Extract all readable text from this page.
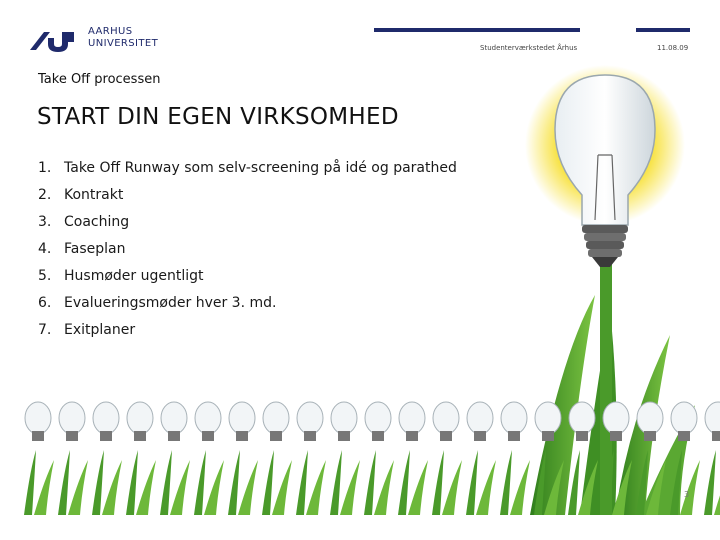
AARHUS
UNIVERSITET	Studenterværkstedet Århus	11.08.09
Take Off processen
START DIN EGEN VIRKSOMHED
1. Take Off Runway som selv-screening på idé og parathed
2. Kontrakt
3. Coaching
4. Faseplan
5. Husmøder ugentligt
6. Evalueringsmøder hver 3. md.
7. Exitplaner
3
